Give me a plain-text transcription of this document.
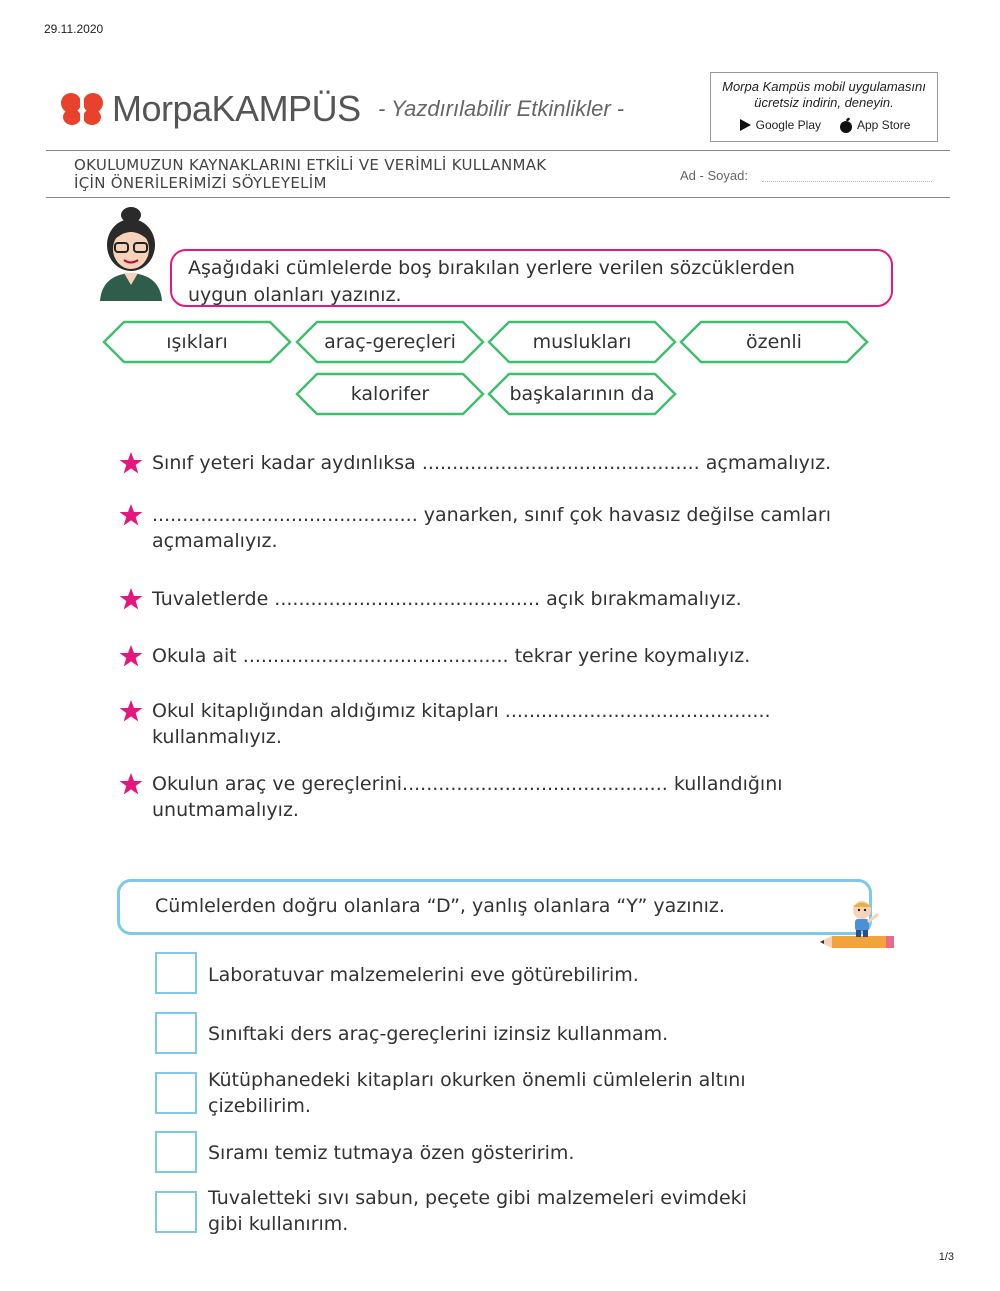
29.11.2020
MorpaKAMPÜS - Yazdırılabilir Etkinlikler -
Morpa Kampüs mobil uygulamasını
ücretsiz indirin, deneyin.
Google Play	App Store
OKULUMUZUN KAYNAKLARINI ETKİLİ VE VERİMLİ KULLANMAK
İÇİN ÖNERİLERİMİZİ SÖYLEYELİM	Ad - Soyad:
Aşağıdaki cümlelerde boş bırakılan yerlere verilen sözcüklerden
uygun olanları yazınız.
ışıkları	araç-gereçleri	muslukları	özenli
kalorifer	başkalarının da
Sınıf yeteri kadar aydınlıksa .............................................. açmamalıyız.
............................................ yanarken, sınıf çok havasız değilse camları
açmamalıyız.
Tuvaletlerde ............................................ açık bırakmamalıyız.
Okula ait ............................................ tekrar yerine koymalıyız.
Okul kitaplığından aldığımız kitapları ............................................
kullanmalıyız.
Okulun araç ve gereçlerini............................................ kullandığını
unutmamalıyız.
Cümlelerden doğru olanlara “D”, yanlış olanlara “Y” yazınız.
Laboratuvar malzemelerini eve götürebilirim.
Sınıftaki ders araç-gereçlerini izinsiz kullanmam.
Kütüphanedeki kitapları okurken önemli cümlelerin altını
çizebilirim.
Sıramı temiz tutmaya özen gösteririm.
Tuvaletteki sıvı sabun, peçete gibi malzemeleri evimdeki
gibi kullanırım.
1/3
